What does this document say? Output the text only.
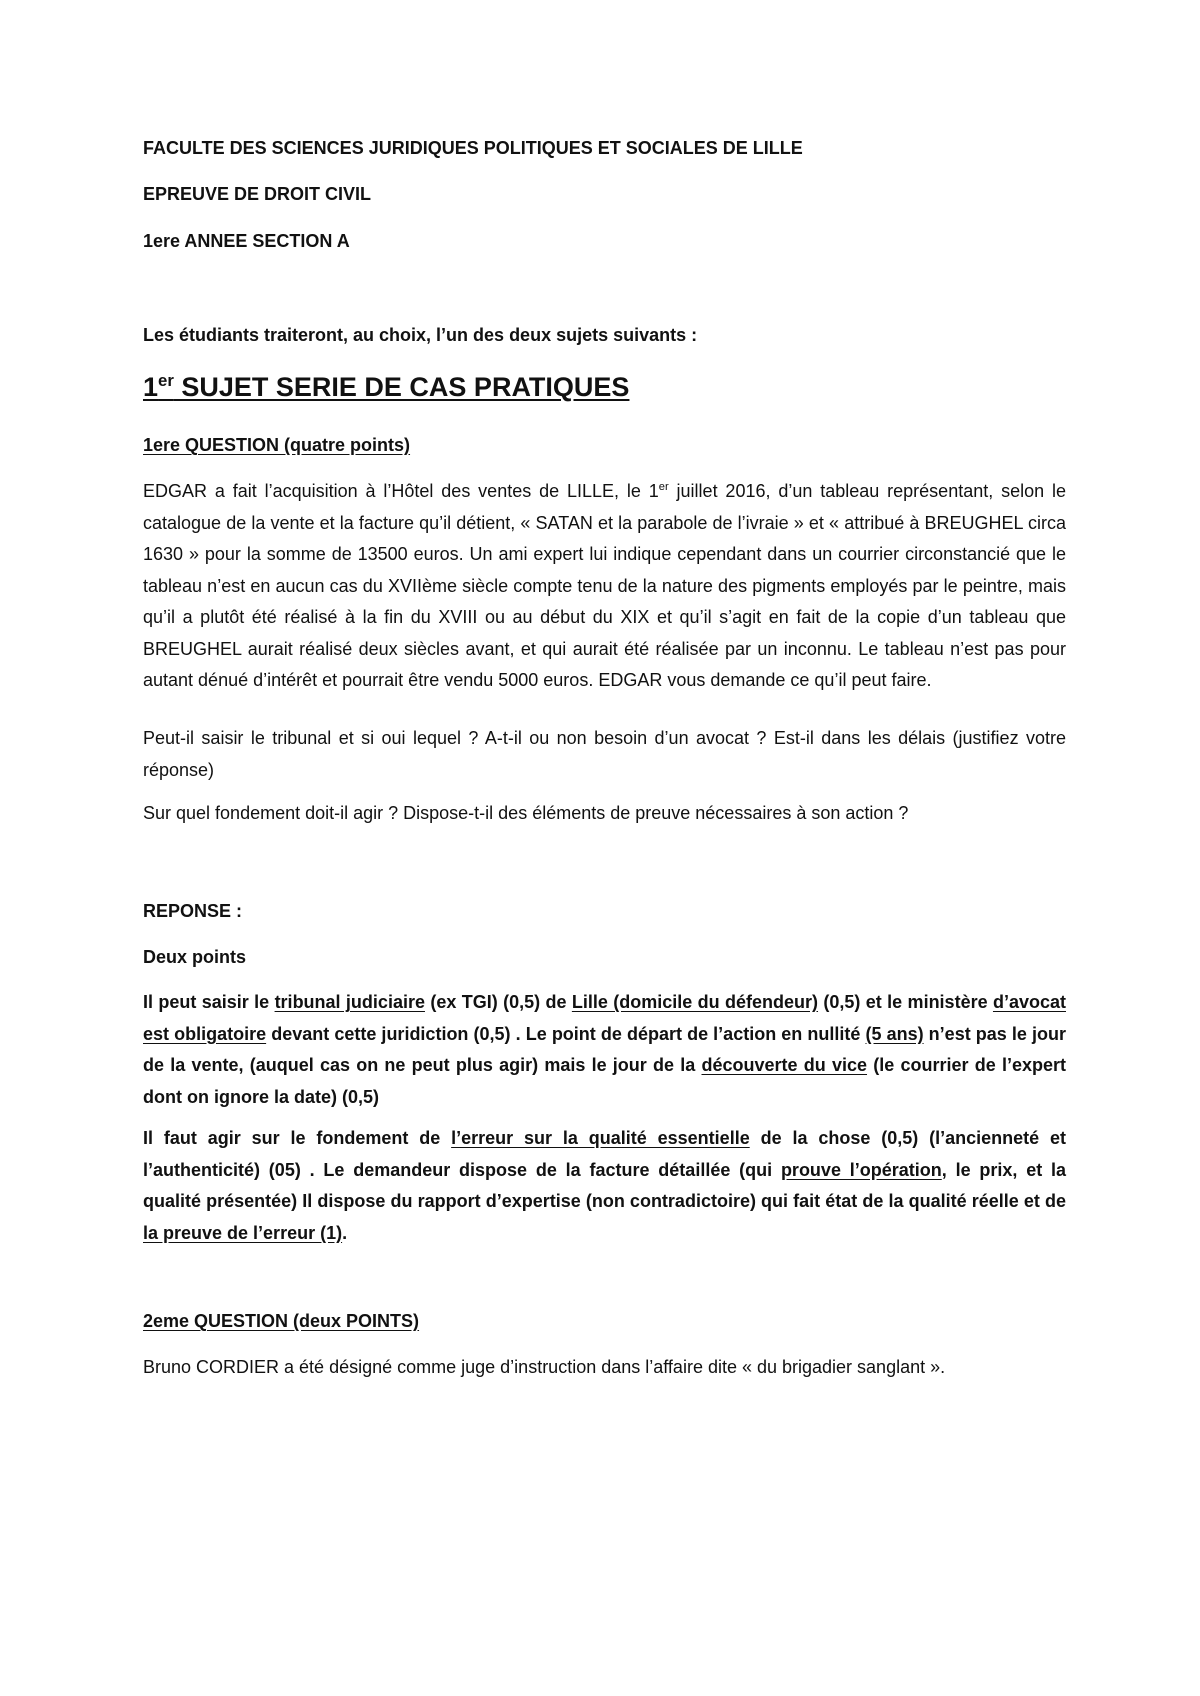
FACULTE DES SCIENCES JURIDIQUES POLITIQUES ET SOCIALES DE LILLE
EPREUVE DE DROIT CIVIL
1ere ANNEE SECTION A
Les étudiants traiteront, au choix, l’un des deux sujets suivants :
1er SUJET SERIE DE CAS PRATIQUES
1ere QUESTION (quatre points)
EDGAR a fait l’acquisition à l’Hôtel des ventes de LILLE, le 1er juillet 2016, d’un tableau représentant, selon le catalogue de la vente et la facture qu’il détient, « SATAN et la parabole de l’ivraie » et « attribué à BREUGHEL circa 1630 » pour la somme de 13500 euros. Un ami expert lui indique cependant dans un courrier circonstancié que le tableau n’est en aucun cas du XVIIème siècle compte tenu de la nature des pigments employés par le peintre, mais qu’il a plutôt été réalisé à la fin du XVIII ou au début du XIX et qu’il s’agit en fait de la copie d’un tableau que BREUGHEL aurait réalisé deux siècles avant, et qui aurait été réalisée par un inconnu. Le tableau n’est pas pour autant dénué d’intérêt et pourrait être vendu 5000 euros. EDGAR vous demande ce qu’il peut faire.
Peut-il saisir le tribunal et si oui lequel ? A-t-il ou non besoin d’un avocat ? Est-il dans les délais (justifiez votre réponse)
Sur quel fondement doit-il agir ? Dispose-t-il des éléments de preuve nécessaires à son action ?
REPONSE :
Deux points
Il peut saisir le tribunal judiciaire (ex TGI) (0,5) de Lille (domicile du défendeur) (0,5) et le ministère d’avocat est obligatoire devant cette juridiction (0,5) . Le point de départ de l’action en nullité (5 ans) n’est pas le jour de la vente, (auquel cas on ne peut plus agir) mais le jour de la découverte du vice (le courrier de l’expert dont on ignore la date) (0,5)
Il faut agir sur le fondement de l’erreur sur la qualité essentielle de la chose (0,5) (l’ancienneté et l’authenticité) (05) . Le demandeur dispose de la facture détaillée (qui prouve l’opération, le prix, et la qualité présentée) Il dispose du rapport d’expertise (non contradictoire) qui fait état de la qualité réelle et de la preuve de l’erreur (1).
2eme QUESTION (deux POINTS)
Bruno CORDIER a été désigné comme juge d’instruction dans l’affaire dite « du brigadier sanglant ».
